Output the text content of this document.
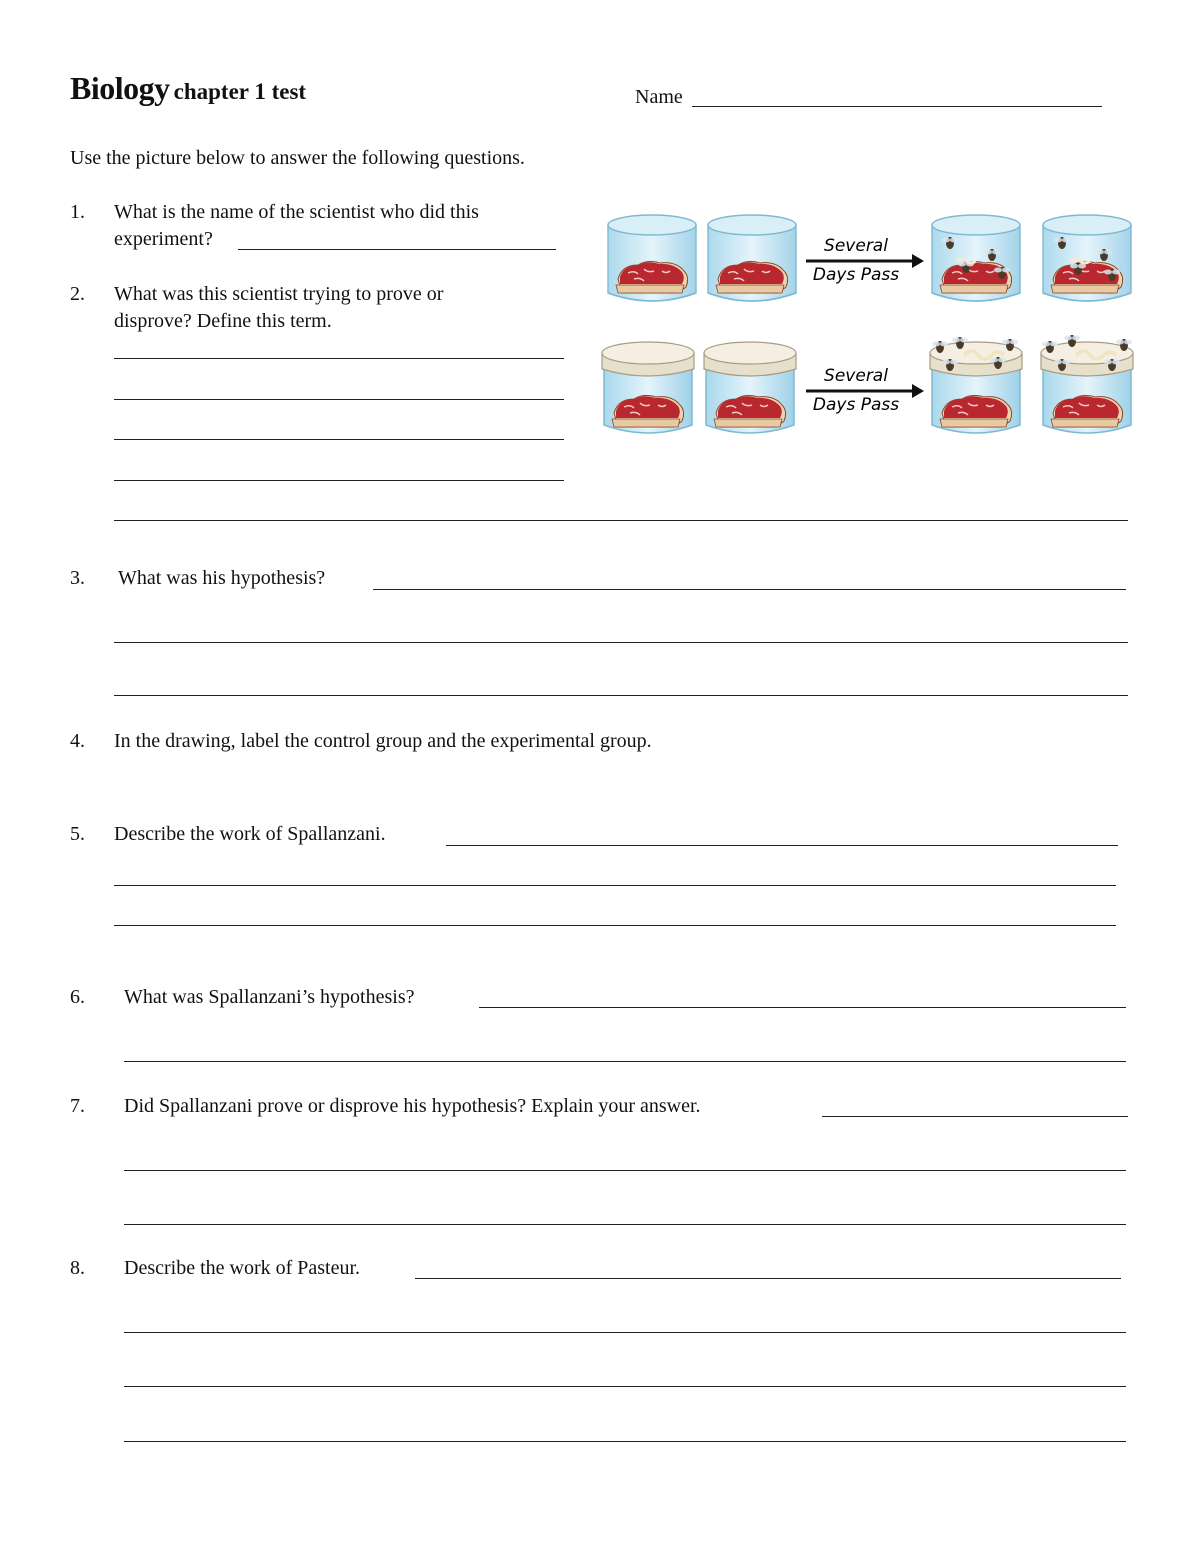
Biology chapter 1 test	Name
Use the picture below to answer the following questions.
1. What is the name of the scientist who did this
experiment?
2. What was this scientist trying to prove or
disprove? Define this term.
Several
Days Pass
Several
Days Pass
3. What was his hypothesis?
4. In the drawing, label the control group and the experimental group.
5. Describe the work of Spallanzani.
6. What was Spallanzani’s hypothesis?
7. Did Spallanzani prove or disprove his hypothesis? Explain your answer.
8. Describe the work of Pasteur.
